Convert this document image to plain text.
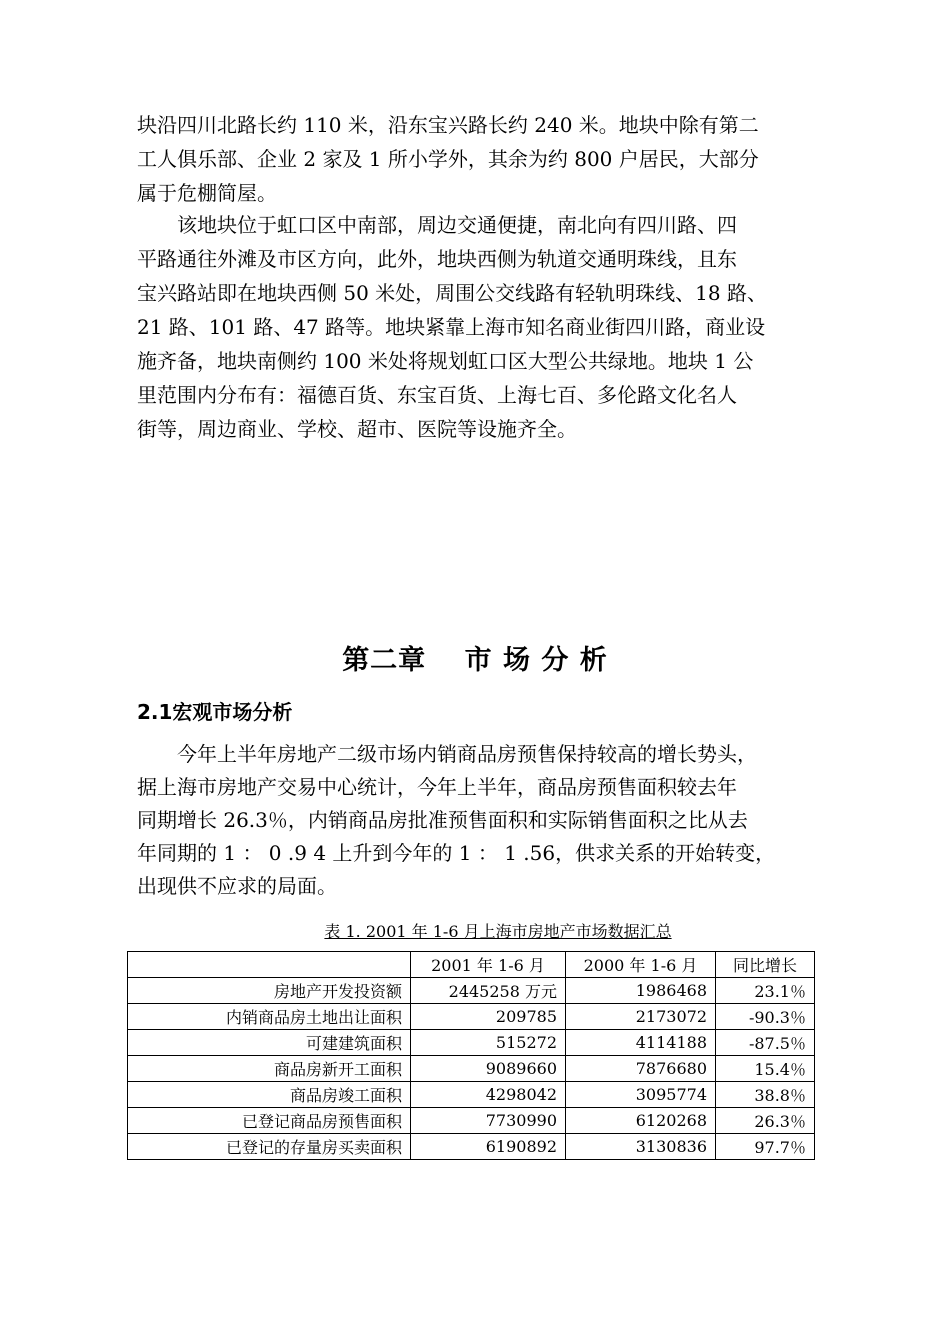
块沿四川北路长约 110 米，沿东宝兴路长约 240 米。地块中除有第二
工人俱乐部、企业 2 家及 1 所小学外，其余为约 800 户居民，大部分
属于危棚简屋。
　　该地块位于虹口区中南部，周边交通便捷，南北向有四川路、四
平路通往外滩及市区方向，此外，地块西侧为轨道交通明珠线，且东
宝兴路站即在地块西侧 50 米处，周围公交线路有轻轨明珠线、18 路、
21 路、101 路、47 路等。地块紧靠上海市知名商业街四川路，商业设
施齐备，地块南侧约 100 米处将规划虹口区大型公共绿地。地块 1 公
里范围内分布有：福德百货、东宝百货、上海七百、多伦路文化名人
街等，周边商业、学校、超市、医院等设施齐全。
第二章　 市 场 分 析
2.1宏观市场分析
　　今年上半年房地产二级市场内销商品房预售保持较高的增长势头，
据上海市房地产交易中心统计，今年上半年，商品房预售面积较去年
同期增长 26.3％，内销商品房批准预售面积和实际销售面积之比从去
年同期的 1 ： 0 .9 4 上升到今年的 1 ： 1 .56，供求关系的开始转变，
出现供不应求的局面。
表 1. 2001 年 1-6 月上海市房地产市场数据汇总
	2001 年 1-6 月	2000 年 1-6 月	同比增长
房地产开发投资额	2445258 万元	1986468	23.1％
内销商品房土地出让面积	209785	2173072	-90.3％
可建建筑面积	515272	4114188	-87.5％
商品房新开工面积	9089660	7876680	15.4％
商品房竣工面积	4298042	3095774	38.8％
已登记商品房预售面积	7730990	6120268	26.3％
已登记的存量房买卖面积	6190892	3130836	97.7％
